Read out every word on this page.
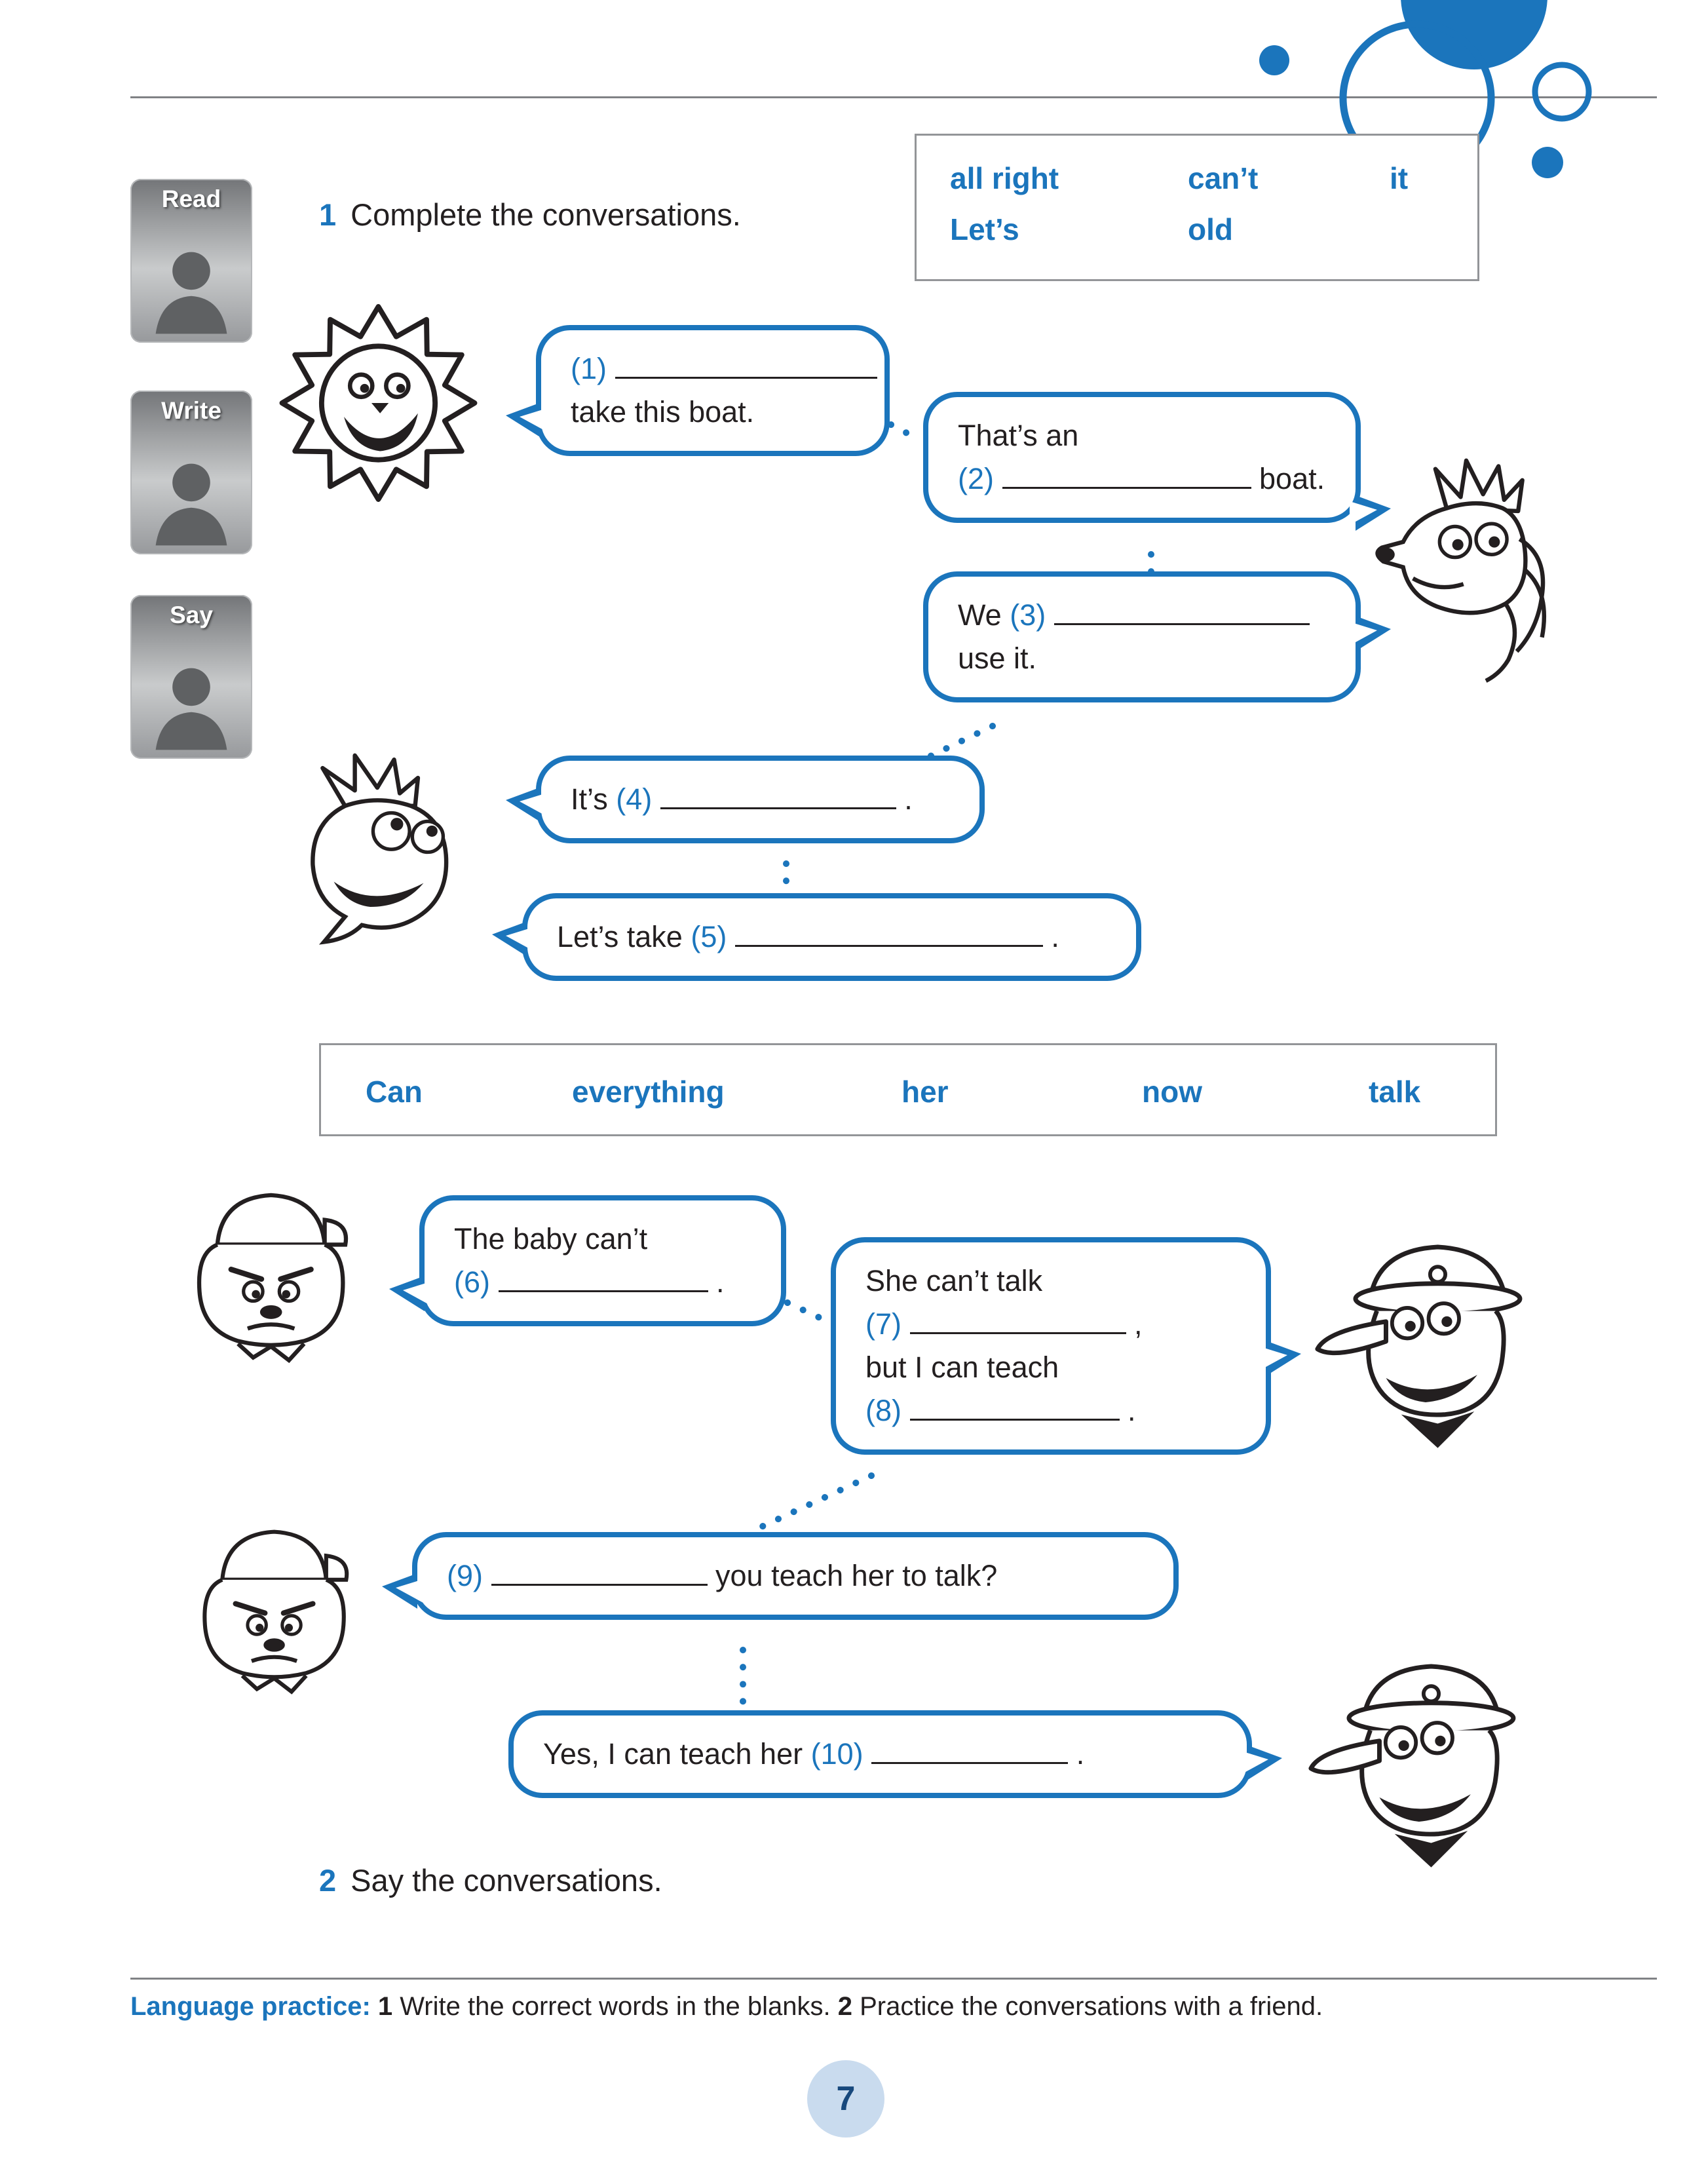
Read
Write
Say
1 Complete the conversations.
all right	can’t	it
Let’s	old
(1)
take this boat.
That’s an
(2)	boat.
We (3)
use it.
It’s (4)	.
Let’s take (5)	.
Can	everything	her	now	talk
The baby can’t
(6)	.	She can’t talk
(7)	,
but I can teach
(8)	.
(9)	you teach her to talk?
Yes, I can teach her (10)	.
2 Say the conversations.
Language practice: 1 Write the correct words in the blanks. 2 Practice the conversations with a friend.
7
